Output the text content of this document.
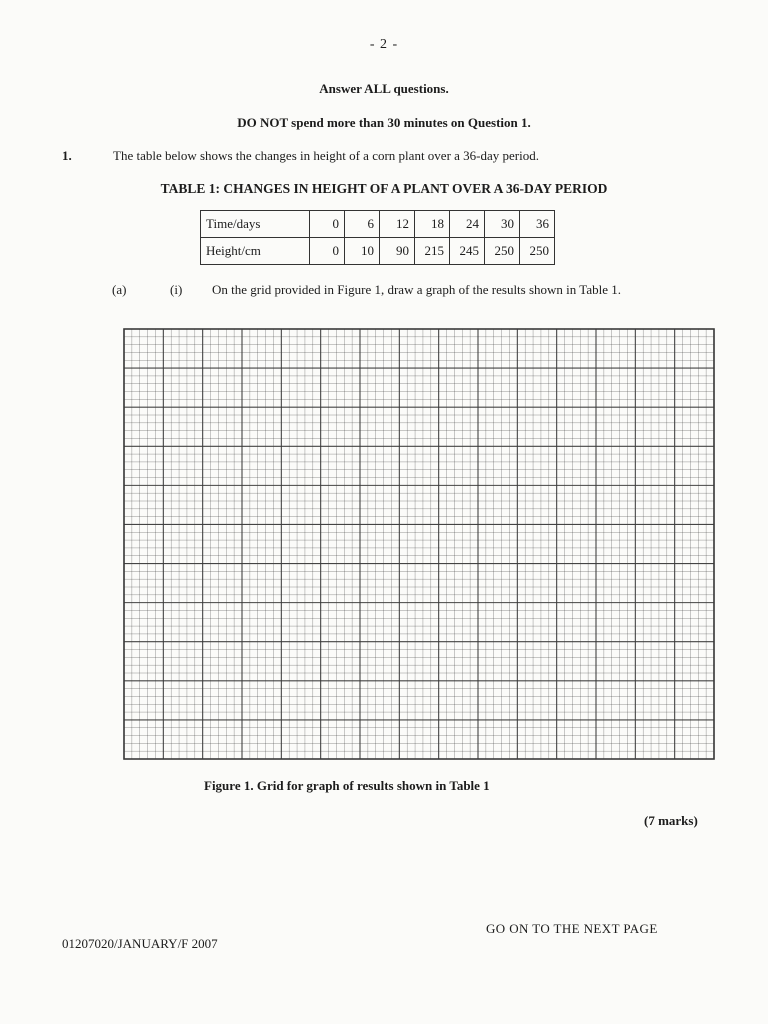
- 2 -
Answer ALL questions.
DO NOT spend more than 30 minutes on Question 1.
1.	The table below shows the changes in height of a corn plant over a 36-day period.
TABLE 1: CHANGES IN HEIGHT OF A PLANT OVER A 36-DAY PERIOD
Time/days	0	6	12	18	24	30	36
Height/cm	0	10	90	215	245	250	250
(a)	(i) On the grid provided in Figure 1, draw a graph of the results shown in Table 1.
Figure 1. Grid for graph of results shown in Table 1
(7 marks)
GO ON TO THE NEXT PAGE
01207020/JANUARY/F 2007
